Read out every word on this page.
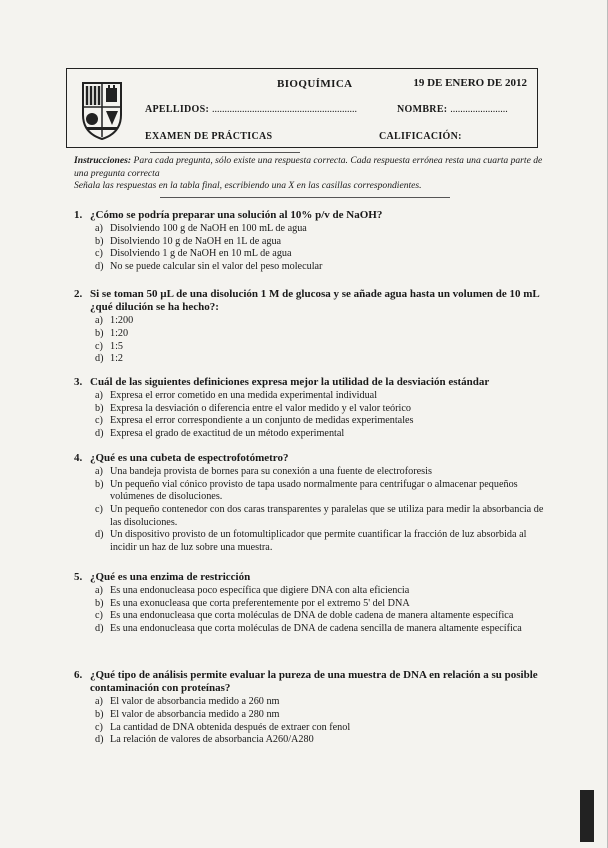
BIOQUÍMICA	19 DE ENERO DE 2012
APELLIDOS: ..........................................................	NOMBRE: .......................
EXAMEN DE PRÁCTICAS	CALIFICACIÓN:
Instrucciones: Para cada pregunta, sólo existe una respuesta correcta. Cada respuesta errónea resta una cuarta parte de una pregunta correcta
Señala las respuestas en la tabla final, escribiendo una X en las casillas correspondientes.
1. ¿Cómo se podría preparar una solución al 10% p/v de NaOH?
a) Disolviendo 100 g de NaOH en 100 mL de agua
b) Disolviendo 10 g de NaOH en 1L de agua
c) Disolviendo 1 g de NaOH en 10 mL de agua
d) No se puede calcular sin el valor del peso molecular
2. Si se toman 50 µL de una disolución 1 M de glucosa y se añade agua hasta un volumen de 10 mL ¿qué dilución se ha hecho?:
a) 1:200
b) 1:20
c) 1:5
d) 1:2
3. Cuál de las siguientes definiciones expresa mejor la utilidad de la desviación estándar
a) Expresa el error cometido en una medida experimental individual
b) Expresa la desviación o diferencia entre el valor medido y el valor teórico
c) Expresa el error correspondiente a un conjunto de medidas experimentales
d) Expresa el grado de exactitud de un método experimental
4. ¿Qué es una cubeta de espectrofotómetro?
a) Una bandeja provista de bornes para su conexión a una fuente de electroforesis
b) Un pequeño vial cónico provisto de tapa usado normalmente para centrifugar o almacenar pequeños volúmenes de disoluciones.
c) Un pequeño contenedor con dos caras transparentes y paralelas que se utiliza para medir la absorbancia de las disoluciones.
d) Un dispositivo provisto de un fotomultiplicador que permite cuantificar la fracción de luz absorbida al incidir un haz de luz sobre una muestra.
5. ¿Qué es una enzima de restricción
a) Es una endonucleasa poco específica que digiere DNA con alta eficiencia
b) Es una exonucleasa que corta preferentemente por el extremo 5' del DNA
c) Es una endonucleasa que corta moléculas de DNA de doble cadena de manera altamente específica
d) Es una endonucleasa que corta moléculas de DNA de cadena sencilla de manera altamente específica
6. ¿Qué tipo de análisis permite evaluar la pureza de una muestra de DNA en relación a su posible contaminación con proteínas?
a) El valor de absorbancia medido a 260 nm
b) El valor de absorbancia medido a 280 nm
c) La cantidad de DNA obtenida después de extraer con fenol
d) La relación de valores de absorbancia A260/A280
